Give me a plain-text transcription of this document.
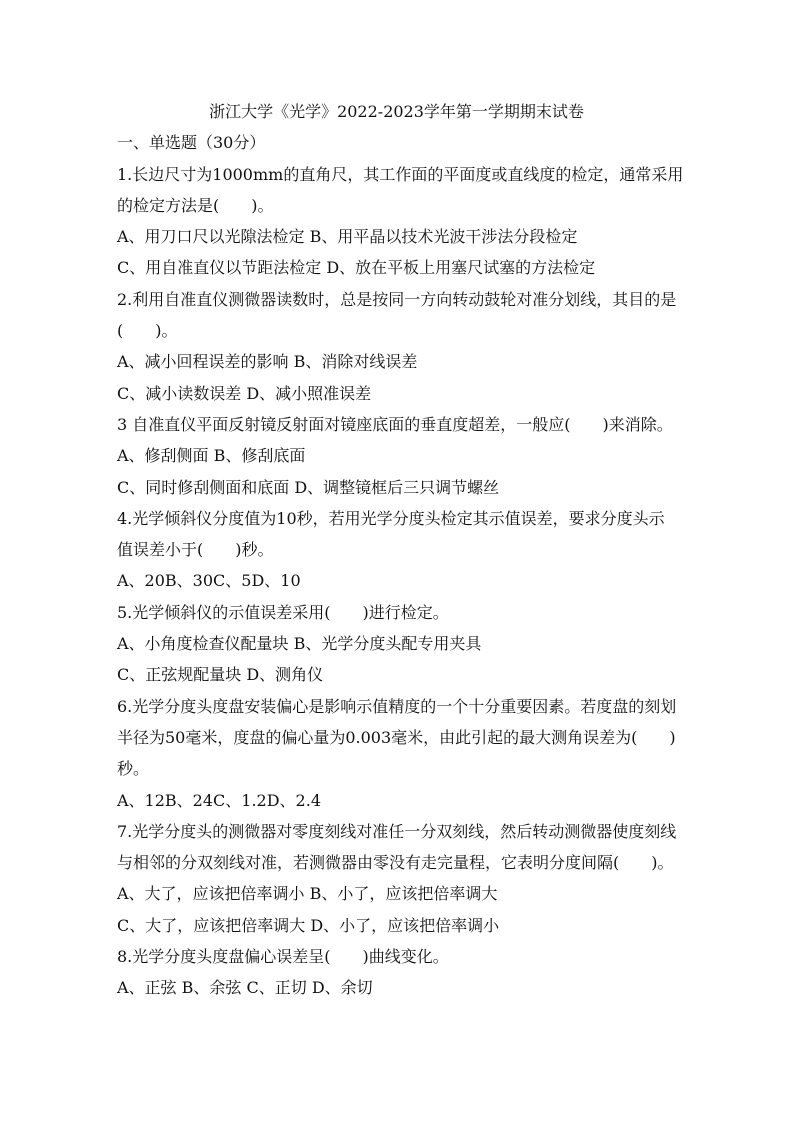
浙江大学《光学》2022-2023学年第一学期期末试卷
一、单选题（30分）
1.长边尺寸为1000mm的直角尺，其工作面的平面度或直线度的检定，通常采用
的检定方法是(　　)。
A、用刀口尺以光隙法检定 B、用平晶以技术光波干涉法分段检定
C、用自准直仪以节距法检定 D、放在平板上用塞尺试塞的方法检定
2.利用自准直仪测微器读数时，总是按同一方向转动鼓轮对准分划线，其目的是
(　　)。
A、减小回程误差的影响 B、消除对线误差
C、减小读数误差 D、减小照准误差
3 自准直仪平面反射镜反射面对镜座底面的垂直度超差，一般应(　　)来消除。
A、修刮侧面 B、修刮底面
C、同时修刮侧面和底面 D、调整镜框后三只调节螺丝
4.光学倾斜仪分度值为10秒，若用光学分度头检定其示值误差，要求分度头示
值误差小于(　　)秒。
A、20B、30C、5D、10
5.光学倾斜仪的示值误差采用(　　)进行检定。
A、小角度检查仪配量块 B、光学分度头配专用夹具
C、正弦规配量块 D、测角仪
6.光学分度头度盘安装偏心是影响示值精度的一个十分重要因素。若度盘的刻划
半径为50毫米，度盘的偏心量为0.003毫米，由此引起的最大测角误差为(　　)
秒。
A、12B、24C、1.2D、2.4
7.光学分度头的测微器对零度刻线对准任一分双刻线，然后转动测微器使度刻线
与相邻的分双刻线对准，若测微器由零没有走完量程，它表明分度间隔(　　)。
A、大了，应该把倍率调小 B、小了，应该把倍率调大
C、大了，应该把倍率调大 D、小了，应该把倍率调小
8.光学分度头度盘偏心误差呈(　　)曲线变化。
A、正弦 B、余弦 C、正切 D、余切
